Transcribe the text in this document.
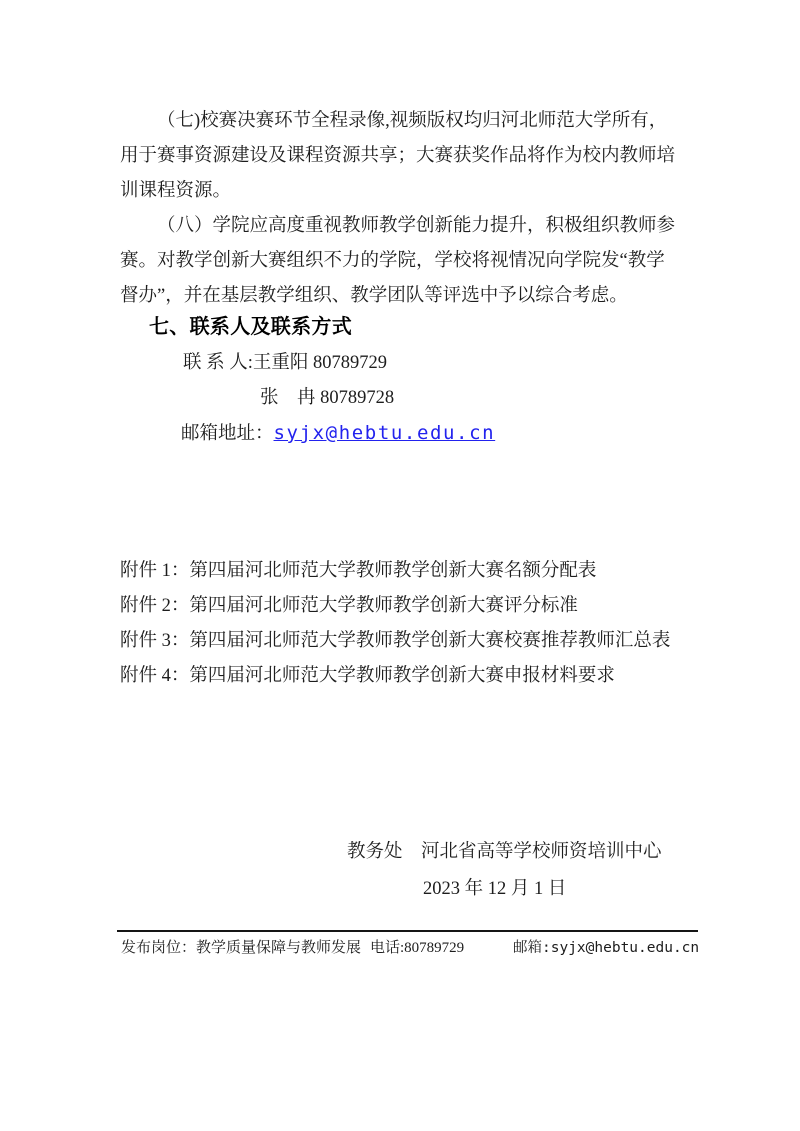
（七)校赛决赛环节全程录像,视频版权均归河北师范大学所有，
用于赛事资源建设及课程资源共享；大赛获奖作品将作为校内教师培
训课程资源。
（八）学院应高度重视教师教学创新能力提升，积极组织教师参
赛。对教学创新大赛组织不力的学院，学校将视情况向学院发“教学
督办”，并在基层教学组织、教学团队等评选中予以综合考虑。
七、联系人及联系方式
联 系 人:王重阳 80789729
张　冉 80789728
邮箱地址：syjx@hebtu.edu.cn
附件 1：第四届河北师范大学教师教学创新大赛名额分配表
附件 2：第四届河北师范大学教师教学创新大赛评分标准
附件 3：第四届河北师范大学教师教学创新大赛校赛推荐教师汇总表
附件 4：第四届河北师范大学教师教学创新大赛申报材料要求
教务处　河北省高等学校师资培训中心
2023 年 12 月 1 日
发布岗位：教学质量保障与教师发展 电话:80789729	邮箱:syjx@hebtu.edu.cn
